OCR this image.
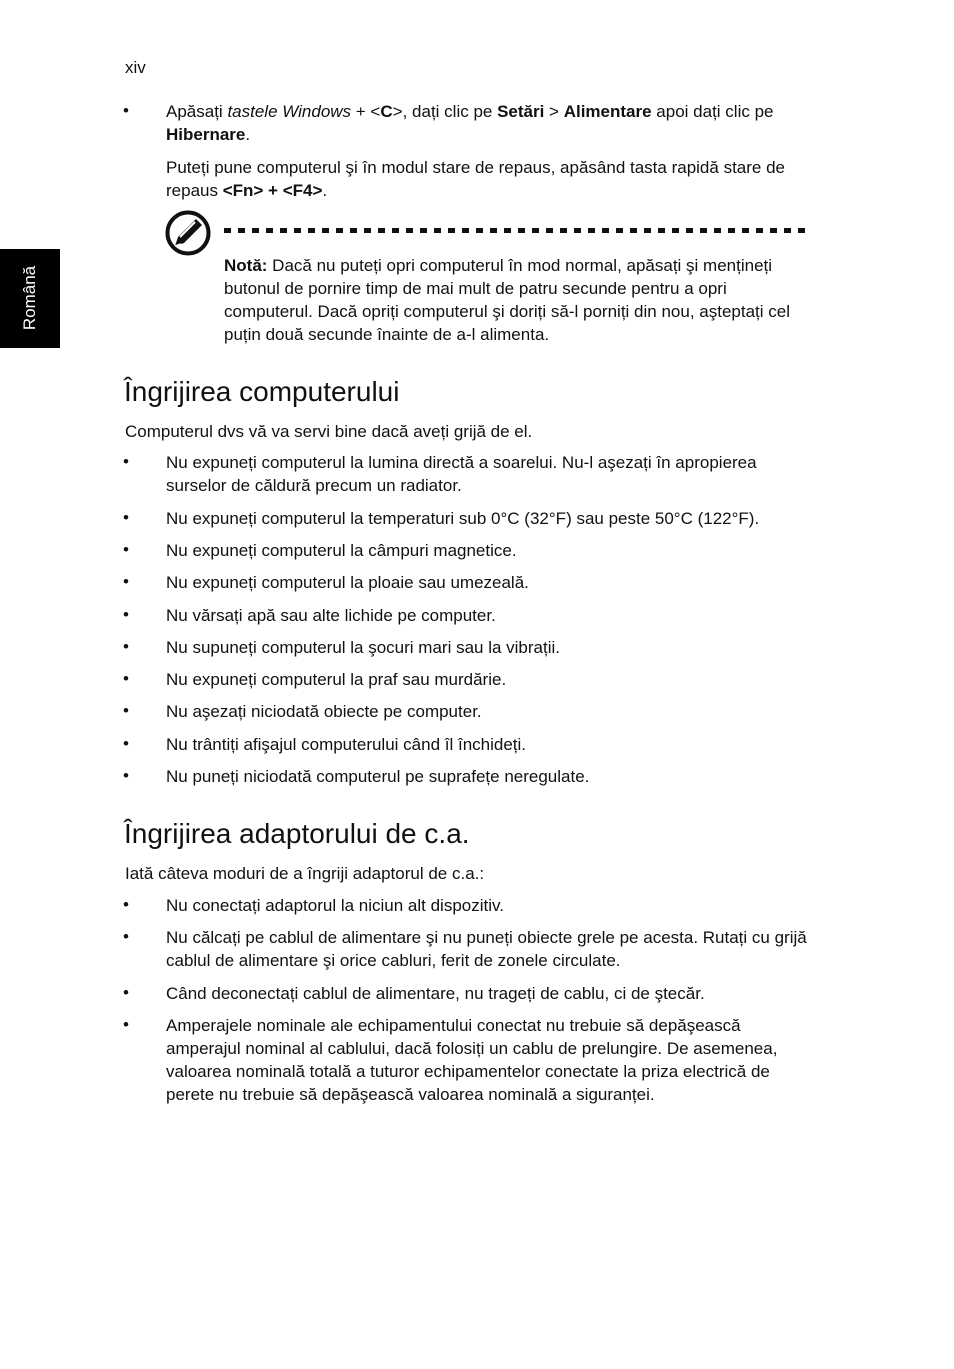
xiv
Română
• Apăsați tastele Windows + <C>, dați clic pe Setări > Alimentare apoi dați clic pe Hibernare.
Puteți pune computerul şi în modul stare de repaus, apăsând tasta rapidă stare de repaus <Fn> + <F4>.
Notă: Dacă nu puteți opri computerul în mod normal, apăsați şi mențineți butonul de pornire timp de mai mult de patru secunde pentru a opri computerul. Dacă opriți computerul şi doriți să-l porniți din nou, aşteptați cel puțin două secunde înainte de a-l alimenta.
Îngrijirea computerului
Computerul dvs vă va servi bine dacă aveți grijă de el.
• Nu expuneți computerul la lumina directă a soarelui. Nu-l aşezați în apropierea surselor de căldură precum un radiator.
• Nu expuneți computerul la temperaturi sub 0°C (32°F) sau peste 50°C (122°F).
• Nu expuneți computerul la câmpuri magnetice.
• Nu expuneți computerul la ploaie sau umezeală.
• Nu vărsați apă sau alte lichide pe computer.
• Nu supuneți computerul la şocuri mari sau la vibrații.
• Nu expuneți computerul la praf sau murdărie.
• Nu aşezați niciodată obiecte pe computer.
• Nu trântiți afişajul computerului când îl închideți.
• Nu puneți niciodată computerul pe suprafețe neregulate.
Îngrijirea adaptorului de c.a.
Iată câteva moduri de a îngriji adaptorul de c.a.:
• Nu conectați adaptorul la niciun alt dispozitiv.
• Nu călcați pe cablul de alimentare şi nu puneți obiecte grele pe acesta. Rutați cu grijă cablul de alimentare şi orice cabluri, ferit de zonele circulate.
• Când deconectați cablul de alimentare, nu trageți de cablu, ci de ştecăr.
• Amperajele nominale ale echipamentului conectat nu trebuie să depăşească amperajul nominal al cablului, dacă folosiți un cablu de prelungire. De asemenea, valoarea nominală totală a tuturor echipamentelor conectate la priza electrică de perete nu trebuie să depăşească valoarea nominală a siguranței.
